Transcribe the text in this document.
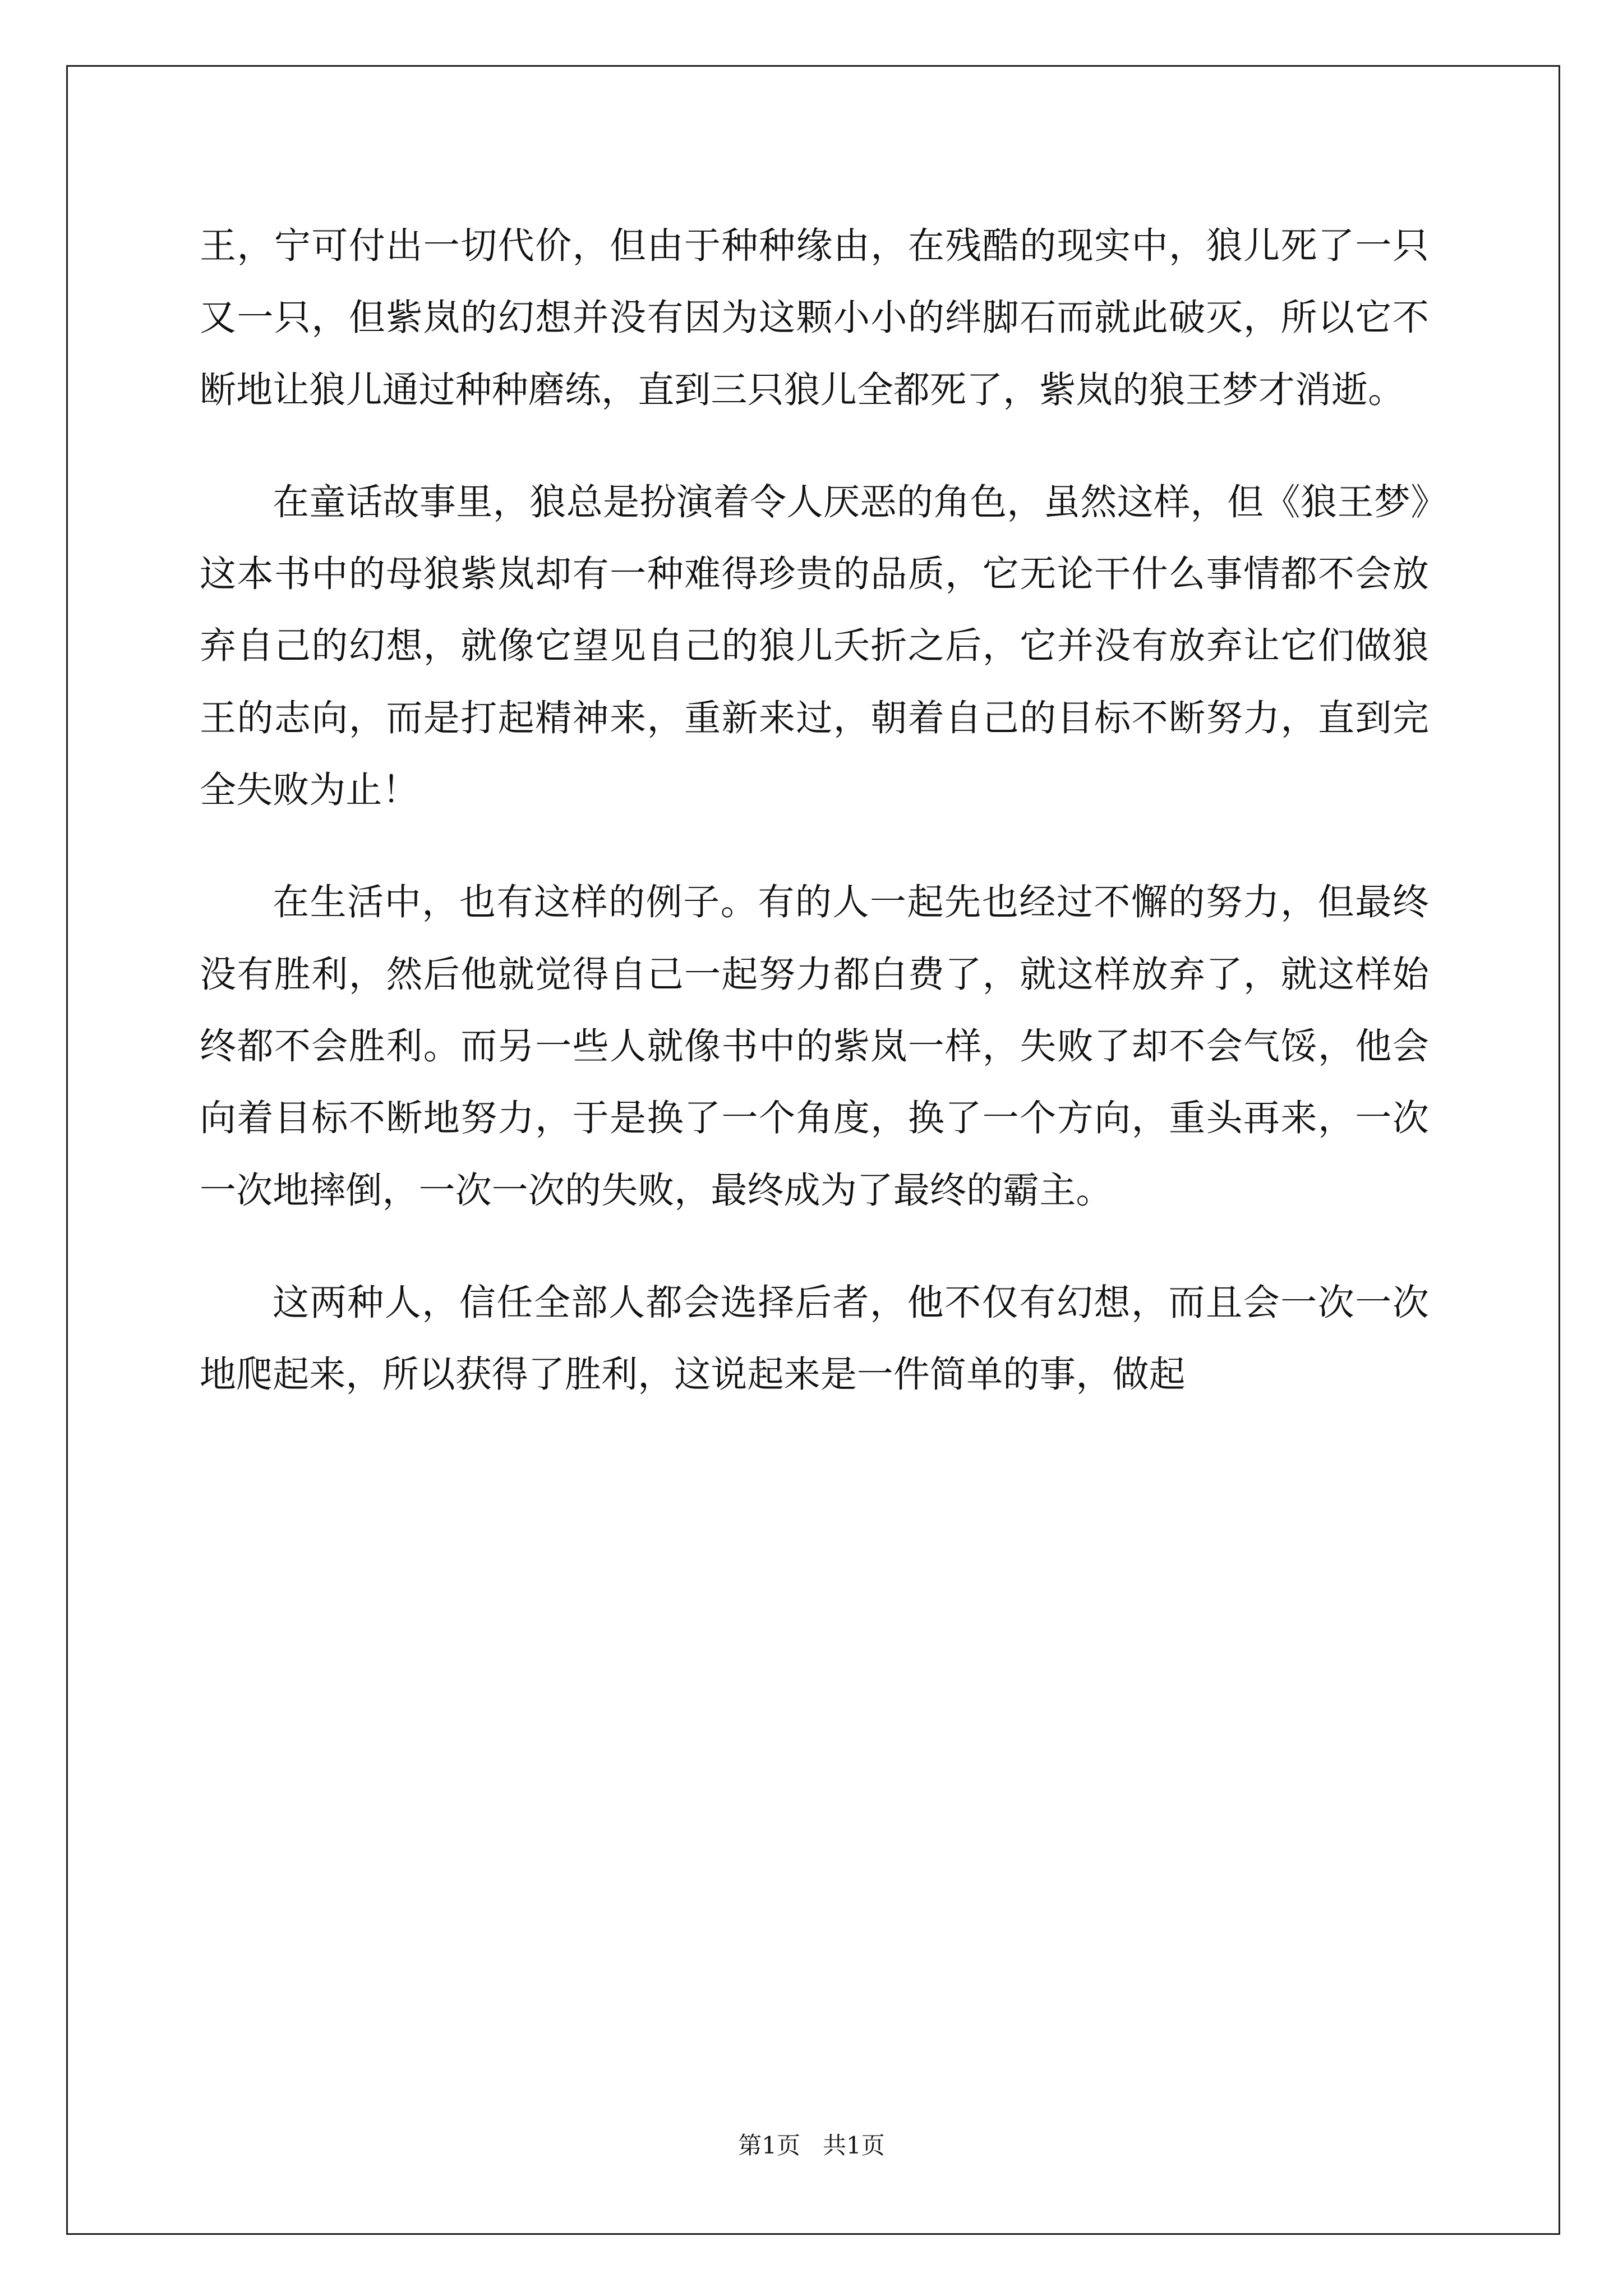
王，宁可付出一切代价，但由于种种缘由，在残酷的现实中，狼儿死了一只又一只，但紫岚的幻想并没有因为这颗小小的绊脚石而就此破灭，所以它不断地让狼儿通过种种磨练，直到三只狼儿全都死了，紫岚的狼王梦才消逝。

在童话故事里，狼总是扮演着令人厌恶的角色，虽然这样，但《狼王梦》这本书中的母狼紫岚却有一种难得珍贵的品质，它无论干什么事情都不会放弃自己的幻想，就像它望见自己的狼儿夭折之后，它并没有放弃让它们做狼王的志向，而是打起精神来，重新来过，朝着自己的目标不断努力，直到完全失败为止！

在生活中，也有这样的例子。有的人一起先也经过不懈的努力，但最终没有胜利，然后他就觉得自己一起努力都白费了，就这样放弃了，就这样始终都不会胜利。而另一些人就像书中的紫岚一样，失败了却不会气馁，他会向着目标不断地努力，于是换了一个角度，换了一个方向，重头再来，一次一次地摔倒，一次一次的失败，最终成为了最终的霸主。

这两种人，信任全部人都会选择后者，他不仅有幻想，而且会一次一次地爬起来，所以获得了胜利，这说起来是一件简单的事，做起

第1页 共1页
